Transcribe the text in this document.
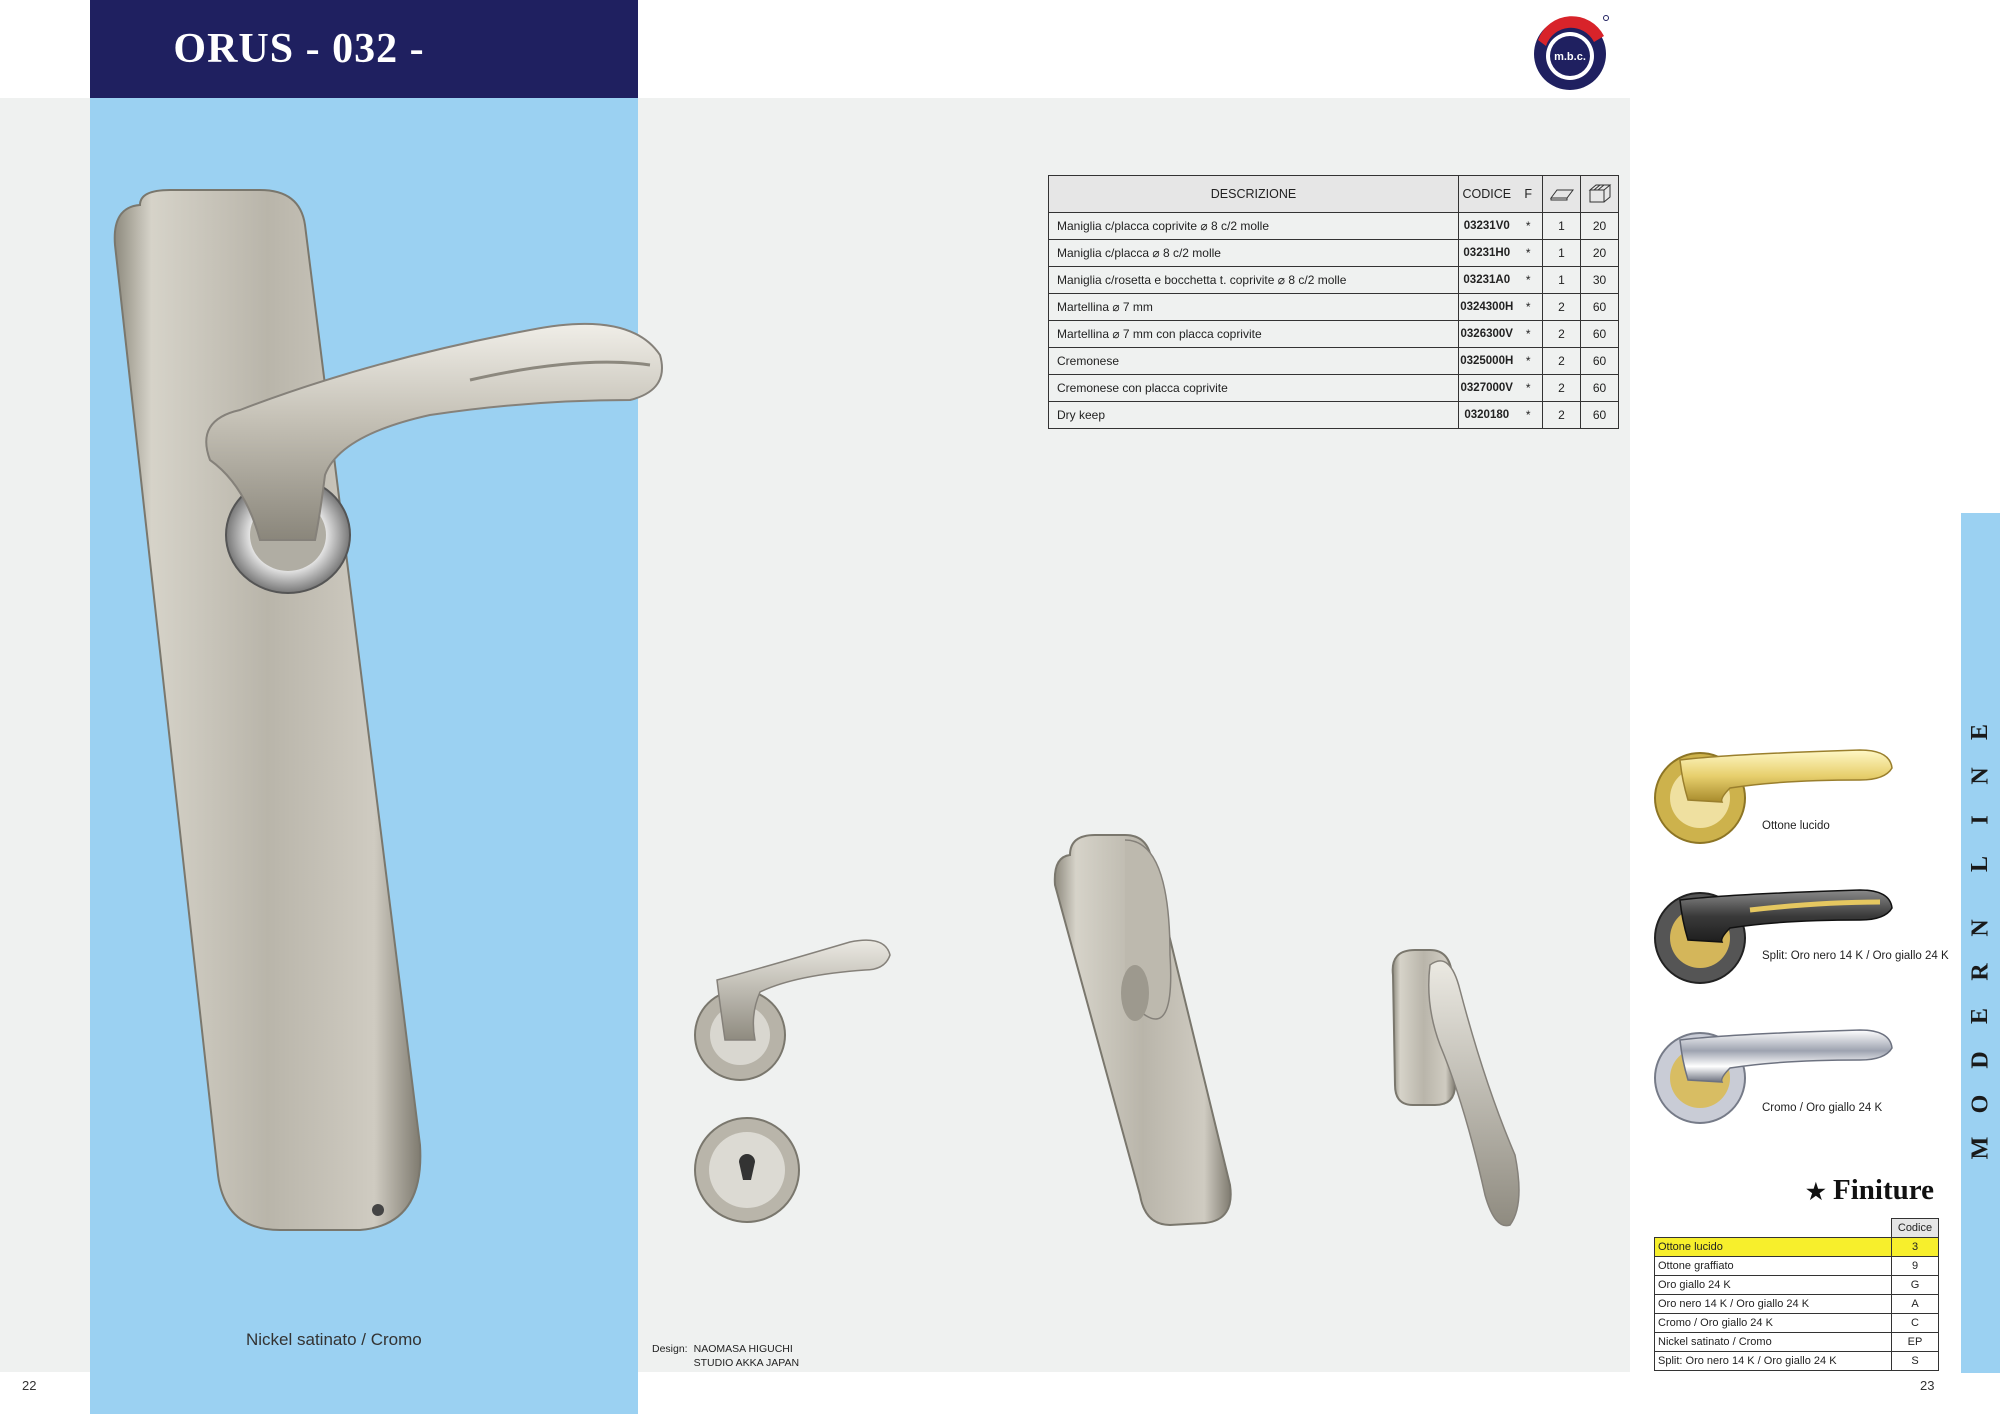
ORUS - 032 -	m.b.c.
Nickel satinato / Cromo
DESCRIZIONE	CODICE	F		
Maniglia c/placca coprivite ⌀ 8 c/2 molle	03231V0	*	1	20
Maniglia c/placca ⌀ 8 c/2 molle	03231H0	*	1	20
Maniglia c/rosetta e bocchetta t. coprivite ⌀ 8 c/2 molle	03231A0	*	1	30
Martellina ⌀ 7 mm	0324300H	*	2	60
Martellina ⌀ 7 mm con placca coprivite	0326300V	*	2	60
Cremonese	0325000H	*	2	60
Cremonese con placca coprivite	0327000V	*	2	60
Dry keep	0320180	*	2	60
Design: NAOMASA HIGUCHI
STUDIO AKKA JAPAN
Ottone lucido
Split: Oro nero 14 K / Oro giallo 24 K
Cromo / Oro giallo 24 K
★ Finiture
	Codice
Ottone lucido	3
Ottone graffiato	9
Oro giallo 24 K	G
Oro nero 14 K / Oro giallo 24 K	A
Cromo / Oro giallo 24 K	C
Nickel satinato / Cromo	EP
Split: Oro nero 14 K / Oro giallo 24 K	S
E
N
I
L
N
R
E
D
O
M
22	23
